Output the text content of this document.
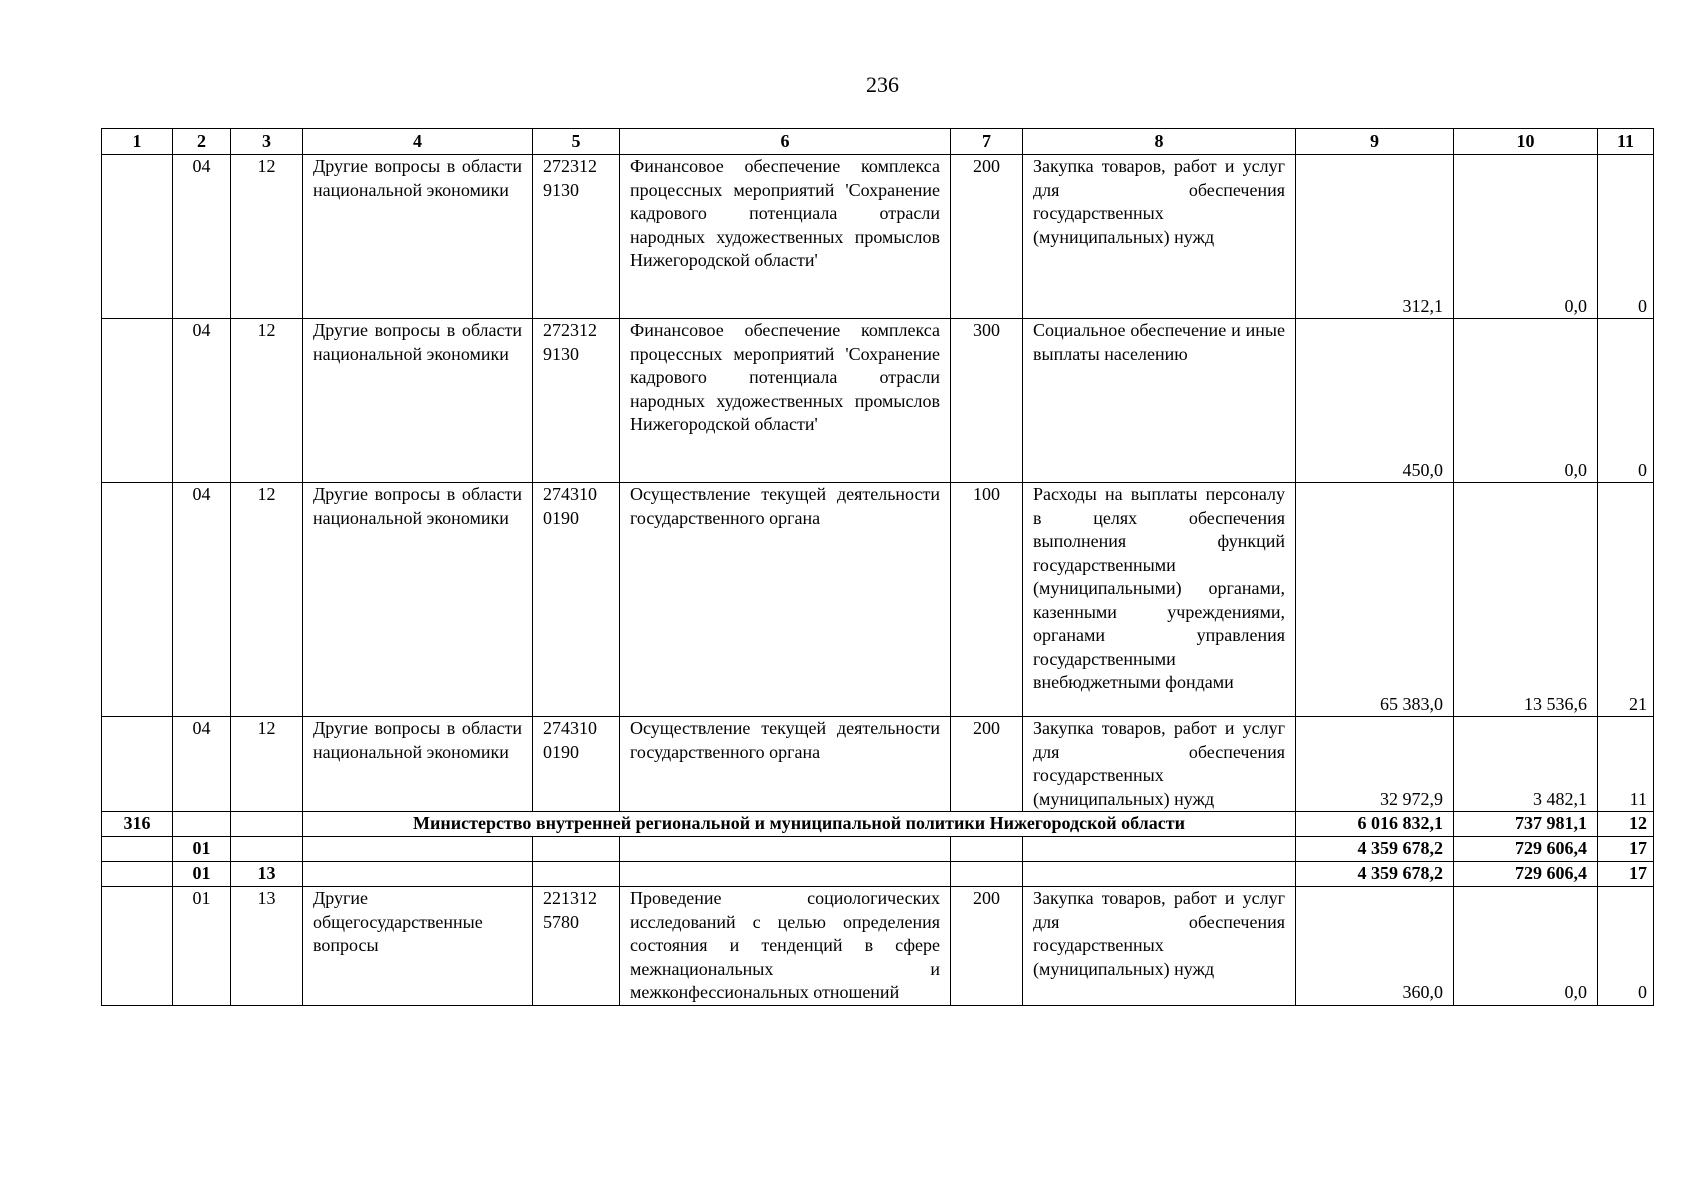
236
1	2	3	4	5	6	7	8	9	10	11
	04	12	Другие вопросы в области национальной экономики	272312 9130	Финансовое обеспечение комплекса процессных мероприятий 'Сохранение кадрового потенциала отрасли народных художественных промыслов Нижегородской области'	200	Закупка товаров, работ и услуг для обеспечения государственных (муниципальных) нужд	312,1	0,0	0
	04	12	Другие вопросы в области национальной экономики	272312 9130	Финансовое обеспечение комплекса процессных мероприятий 'Сохранение кадрового потенциала отрасли народных художественных промыслов Нижегородской области'	300	Социальное обеспечение и иные выплаты населению	450,0	0,0	0
	04	12	Другие вопросы в области национальной экономики	274310 0190	Осуществление текущей деятельности государственного органа	100	Расходы на выплаты персоналу в целях обеспечения выполнения функций государственными (муниципальными) органами, казенными учреждениями, органами управления государственными внебюджетными фондами	65 383,0	13 536,6	21
	04	12	Другие вопросы в области национальной экономики	274310 0190	Осуществление текущей деятельности государственного органа	200	Закупка товаров, работ и услуг для обеспечения государственных (муниципальных) нужд	32 972,9	3 482,1	11
316			Министерство внутренней региональной и муниципальной политики Нижегородской области					6 016 832,1	737 981,1	12
	01							4 359 678,2	729 606,4	17
	01	13						4 359 678,2	729 606,4	17
	01	13	Другие общегосударственные вопросы	221312 5780	Проведение социологических исследований с целью определения состояния и тенденций в сфере межнациональных и межконфессиональных отношений	200	Закупка товаров, работ и услуг для обеспечения государственных (муниципальных) нужд	360,0	0,0	0
